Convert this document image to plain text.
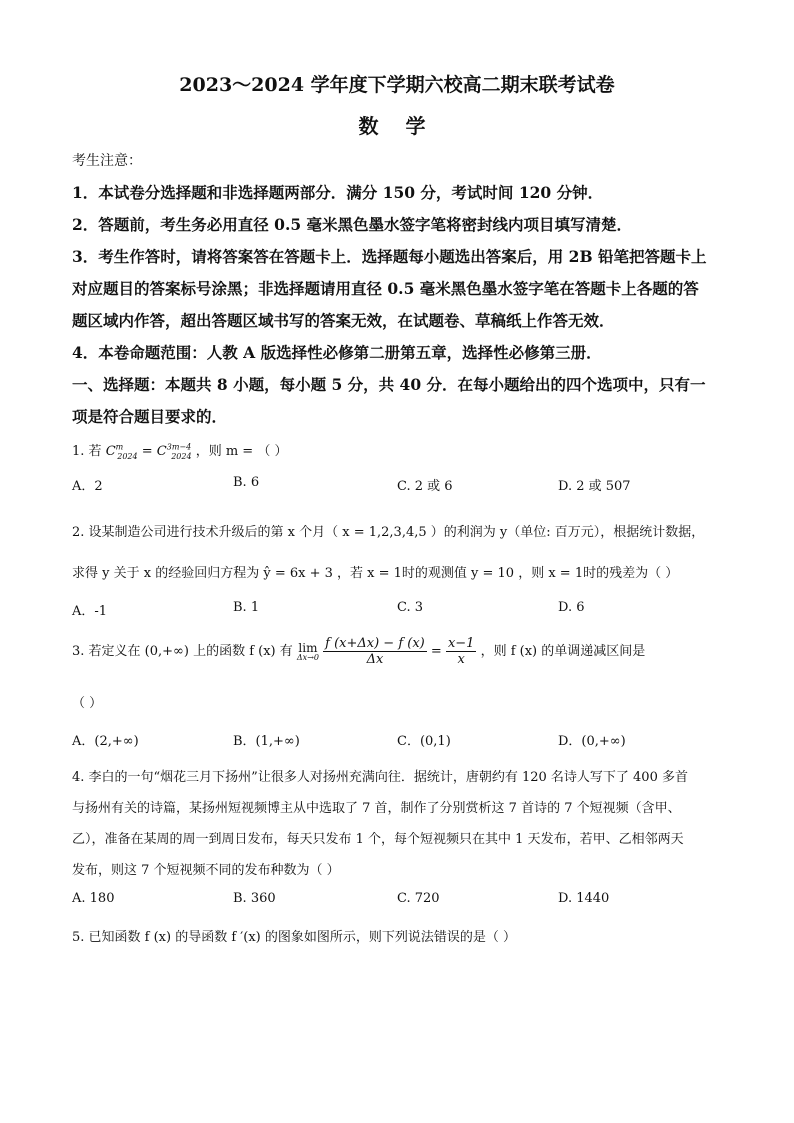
2023～2024 学年度下学期六校高二期末联考试卷
数 学
考生注意：
1．本试卷分选择题和非选择题两部分．满分 150 分，考试时间 120 分钟．
2．答题前，考生务必用直径 0.5 毫米黑色墨水签字笔将密封线内项目填写清楚．
3．考生作答时，请将答案答在答题卡上．选择题每小题选出答案后，用 2B 铅笔把答题卡上
对应题目的答案标号涂黑；非选择题请用直径 0.5 毫米黑色墨水签字笔在答题卡上各题的答
题区域内作答，超出答题区域书写的答案无效，在试题卷、草稿纸上作答无效．
4．本卷命题范围：人教 A 版选择性必修第二册第五章，选择性必修第三册．
一、选择题：本题共 8 小题，每小题 5 分，共 40 分．在每小题给出的四个选项中，只有一
项是符合题目要求的．
1. 若 $C^m_{2024} = C^{3m-4}_{2024}$ ，则 m = （ ）
A．2	B. 6	C. 2 或 6	D. 2 或 507
2. 设某制造公司进行技术升级后的第 x 个月（ x = 1,2,3,4,5 ）的利润为 y（单位: 百万元），根据统计数据，
求得 y 关于 x 的经验回归方程为 ŷ = 6x + 3 ，若 x = 1时的观测值 y = 10 ，则 x = 1时的残差为（ ）
A．-1	B. 1	C. 3	D. 6
3. 若定义在 (0,+∞) 上的函数 f (x) 有 lim
Δx→0
$\frac{f (x+\Delta x) - f (x)}{\Delta x} = \frac{x-1}{x}$ ，则 f (x) 的单调递减区间是
（ ）
A．(2,+∞)	B．(1,+∞)	C．(0,1)	D．(0,+∞)
4. 李白的一句“烟花三月下扬州”让很多人对扬州充满向往．据统计，唐朝约有 120 名诗人写下了 400 多首
与扬州有关的诗篇，某扬州短视频博主从中选取了 7 首，制作了分别赏析这 7 首诗的 7 个短视频（含甲、
乙），准备在某周的周一到周日发布，每天只发布 1 个，每个短视频只在其中 1 天发布，若甲、乙相邻两天
发布，则这 7 个短视频不同的发布种数为（ ）
A. 180	B. 360	C. 720	D. 1440
5. 已知函数 f (x) 的导函数 f ′(x) 的图象如图所示，则下列说法错误的是（ ）
